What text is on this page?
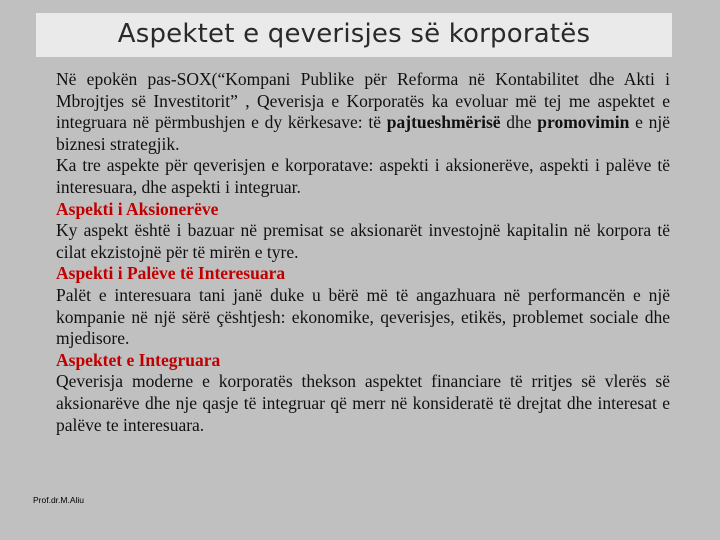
Aspektet e qeverisjes së korporatës

Në epokën pas-SOX(“Kompani Publike për Reforma në Kontabilitet dhe Akti i Mbrojtjes së Investitorit” , Qeverisja e Korporatës ka evoluar më tej me aspektet e integruara në përmbushjen e dy kërkesave: të pajtueshmërisë dhe promovimin e një biznesi strategjik.

Ka tre aspekte për qeverisjen e korporatave: aspekti i aksionerëve, aspekti i palëve të interesuara, dhe aspekti i integruar.

Aspekti i Aksionerëve

Ky aspekt është i bazuar në premisat se aksionarët investojnë kapitalin në korpora të cilat ekzistojnë për të mirën e tyre.

Aspekti i Palëve të Interesuara

Palët e interesuara tani janë duke u bërë më të angazhuara në performancën e një kompanie në një sërë çështjesh: ekonomike, qeverisjes, etikës, problemet sociale dhe mjedisore.

Aspektet e Integruara

Qeverisja moderne e korporatës thekson aspektet financiare të rritjes së vlerës së aksionarëve dhe nje qasje të integruar që merr në konsideratë të drejtat dhe interesat e palëve te interesuara.

Prof.dr.M.Aliu
